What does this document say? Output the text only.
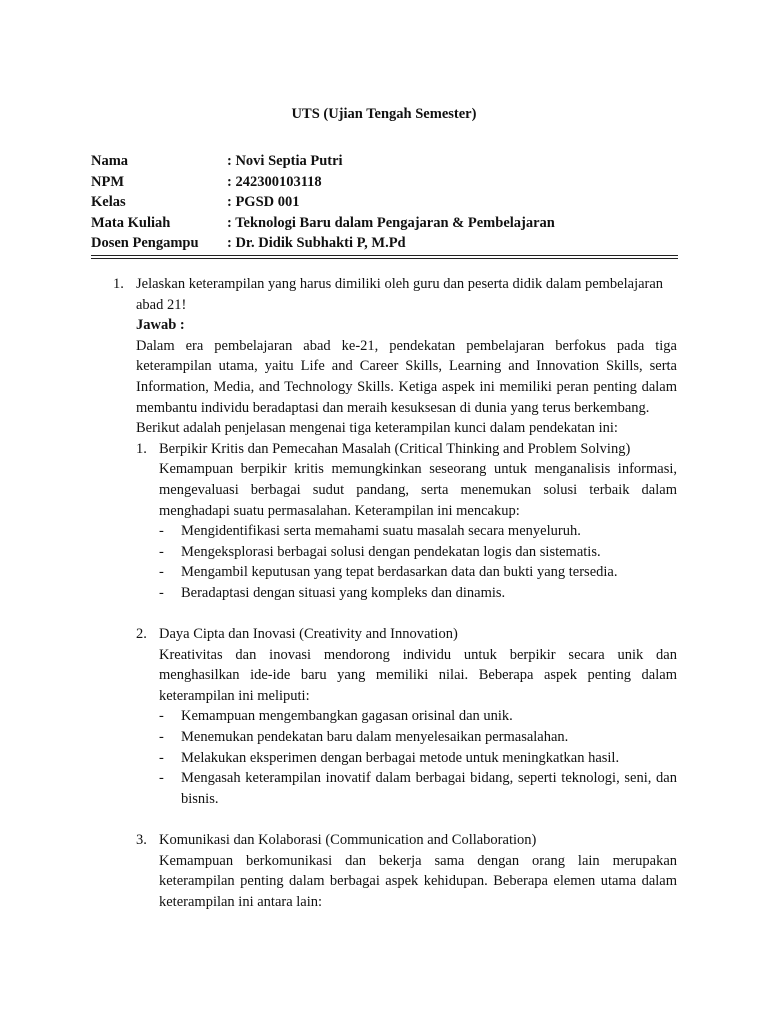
UTS (Ujian Tengah Semester)
Nama	: Novi Septia Putri
NPM	: 242300103118
Kelas	: PGSD 001
Mata Kuliah	: Teknologi Baru dalam Pengajaran & Pembelajaran
Dosen Pengampu	: Dr. Didik Subhakti P, M.Pd
1. Jelaskan keterampilan yang harus dimiliki oleh guru dan peserta didik dalam pembelajaran abad 21!

Jawab :

Dalam era pembelajaran abad ke-21, pendekatan pembelajaran berfokus pada tiga keterampilan utama, yaitu Life and Career Skills, Learning and Innovation Skills, serta Information, Media, and Technology Skills. Ketiga aspek ini memiliki peran penting dalam membantu individu beradaptasi dan meraih kesuksesan di dunia yang terus berkembang.

Berikut adalah penjelasan mengenai tiga keterampilan kunci dalam pendekatan ini:

1. Berpikir Kritis dan Pemecahan Masalah (Critical Thinking and Problem Solving)

Kemampuan berpikir kritis memungkinkan seseorang untuk menganalisis informasi, mengevaluasi berbagai sudut pandang, serta menemukan solusi terbaik dalam menghadapi suatu permasalahan. Keterampilan ini mencakup:

- Mengidentifikasi serta memahami suatu masalah secara menyeluruh.

- Mengeksplorasi berbagai solusi dengan pendekatan logis dan sistematis.

- Mengambil keputusan yang tepat berdasarkan data dan bukti yang tersedia.

- Beradaptasi dengan situasi yang kompleks dan dinamis.

2. Daya Cipta dan Inovasi (Creativity and Innovation)

Kreativitas dan inovasi mendorong individu untuk berpikir secara unik dan menghasilkan ide-ide baru yang memiliki nilai. Beberapa aspek penting dalam keterampilan ini meliputi:

- Kemampuan mengembangkan gagasan orisinal dan unik.

- Menemukan pendekatan baru dalam menyelesaikan permasalahan.

- Melakukan eksperimen dengan berbagai metode untuk meningkatkan hasil.

- Mengasah keterampilan inovatif dalam berbagai bidang, seperti teknologi, seni, dan bisnis.

3. Komunikasi dan Kolaborasi (Communication and Collaboration)

Kemampuan berkomunikasi dan bekerja sama dengan orang lain merupakan keterampilan penting dalam berbagai aspek kehidupan. Beberapa elemen utama dalam keterampilan ini antara lain:
